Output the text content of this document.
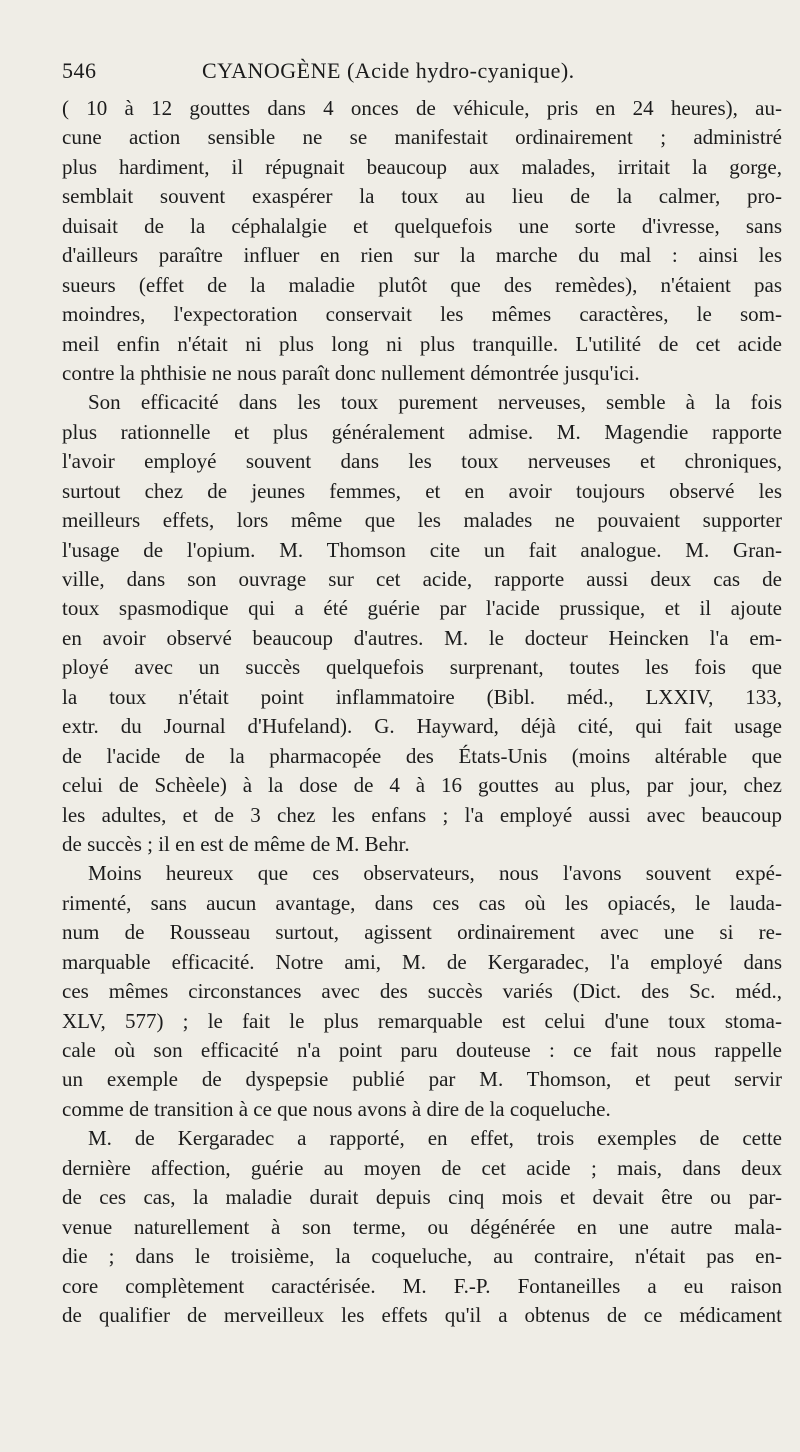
546	CYANOGÈNE (Acide hydro-cyanique).
( 10 à 12 gouttes dans 4 onces de véhicule, pris en 24 heures), au-
cune action sensible ne se manifestait ordinairement ; administré
plus hardiment, il répugnait beaucoup aux malades, irritait la gorge,
semblait souvent exaspérer la toux au lieu de la calmer, pro-
duisait de la céphalalgie et quelquefois une sorte d'ivresse, sans
d'ailleurs paraître influer en rien sur la marche du mal : ainsi les
sueurs (effet de la maladie plutôt que des remèdes), n'étaient pas
moindres, l'expectoration conservait les mêmes caractères, le som-
meil enfin n'était ni plus long ni plus tranquille. L'utilité de cet acide
contre la phthisie ne nous paraît donc nullement démontrée jusqu'ici.
Son efficacité dans les toux purement nerveuses, semble à la fois
plus rationnelle et plus généralement admise. M. Magendie rapporte
l'avoir employé souvent dans les toux nerveuses et chroniques,
surtout chez de jeunes femmes, et en avoir toujours observé les
meilleurs effets, lors même que les malades ne pouvaient supporter
l'usage de l'opium. M. Thomson cite un fait analogue. M. Gran-
ville, dans son ouvrage sur cet acide, rapporte aussi deux cas de
toux spasmodique qui a été guérie par l'acide prussique, et il ajoute
en avoir observé beaucoup d'autres. M. le docteur Heincken l'a em-
ployé avec un succès quelquefois surprenant, toutes les fois que
la toux n'était point inflammatoire (Bibl. méd., LXXIV, 133,
extr. du Journal d'Hufeland). G. Hayward, déjà cité, qui fait usage
de l'acide de la pharmacopée des États-Unis (moins altérable que
celui de Schèele) à la dose de 4 à 16 gouttes au plus, par jour, chez
les adultes, et de 3 chez les enfans ; l'a employé aussi avec beaucoup
de succès ; il en est de même de M. Behr.
Moins heureux que ces observateurs, nous l'avons souvent expé-
rimenté, sans aucun avantage, dans ces cas où les opiacés, le lauda-
num de Rousseau surtout, agissent ordinairement avec une si re-
marquable efficacité. Notre ami, M. de Kergaradec, l'a employé dans
ces mêmes circonstances avec des succès variés (Dict. des Sc. méd.,
XLV, 577) ; le fait le plus remarquable est celui d'une toux stoma-
cale où son efficacité n'a point paru douteuse : ce fait nous rappelle
un exemple de dyspepsie publié par M. Thomson, et peut servir
comme de transition à ce que nous avons à dire de la coqueluche.
M. de Kergaradec a rapporté, en effet, trois exemples de cette
dernière affection, guérie au moyen de cet acide ; mais, dans deux
de ces cas, la maladie durait depuis cinq mois et devait être ou par-
venue naturellement à son terme, ou dégénérée en une autre mala-
die ; dans le troisième, la coqueluche, au contraire, n'était pas en-
core complètement caractérisée. M. F.-P. Fontaneilles a eu raison
de qualifier de merveilleux les effets qu'il a obtenus de ce médicament
